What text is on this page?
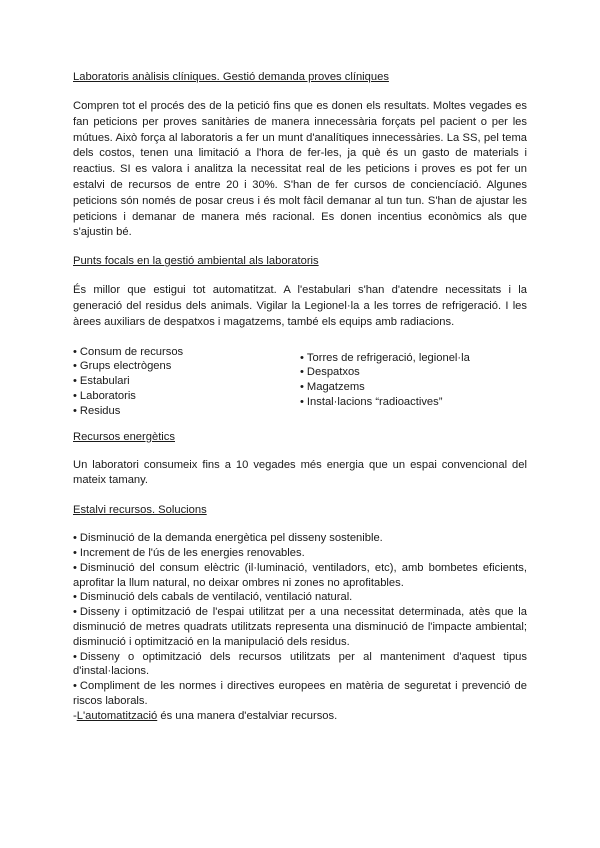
Laboratoris anàlisis clíniques. Gestió demanda proves clíniques

Compren tot el procés des de la petició fins que es donen els resultats. Moltes vegades es fan peticions per proves sanitàries de manera innecessària forçats pel pacient o per les mútues. Això força al laboratoris a fer un munt d'analítiques innecessàries. La SS, pel tema dels costos, tenen una limitació a l'hora de fer-les, ja què és un gasto de materials i reactius. SI es valora i analitza la necessitat real de les peticions i proves es pot fer un estalvi de recursos de entre 20 i 30%. S'han de fer cursos de conciencíació. Algunes peticions són només de posar creus i és molt fàcil demanar al tun tun. S'han de ajustar les peticions i demanar de manera més racional. Es donen incentius econòmics als que s'ajustin bé.

Punts focals en la gestió ambiental als laboratoris

És millor que estigui tot automatitzat. A l'estabulari s'han d'atendre necessitats i la generació del residus dels animals. Vigilar la Legionel·la a les torres de refrigeració. I les àrees auxiliars de despatxos i magatzems, també els equips amb radiacions.

• Consum de recursos

• Grups electrògens

• Estabulari

• Laboratoris

• Residus

• Torres de refrigeració, legionel·la

• Despatxos

• Magatzems

• Instal·lacions “radioactives”

Recursos energètics

Un laboratori consumeix fins a 10 vegades més energia que un espai convencional del mateix tamany.

Estalvi recursos. Solucions

• Disminució de la demanda energètica pel disseny sostenible.

• Increment de l'ús de les energies renovables.

• Disminució del consum elèctric (il·luminació, ventiladors, etc), amb bombetes eficients, aprofitar la llum natural, no deixar ombres ni zones no aprofitables.

• Disminució dels cabals de ventilació, ventilació natural.

• Disseny i optimització de l'espai utilitzat per a una necessitat determinada, atès que la disminució de metres quadrats utilitzats representa una disminució de l'impacte ambiental; disminució i optimització en la manipulació dels residus.

• Disseny o optimització dels recursos utilitzats per al manteniment d'aquest tipus d'instal·lacions.

• Compliment de les normes i directives europees en matèria de seguretat i prevenció de riscos laborals.

-L'automatització és una manera d'estalviar recursos.
